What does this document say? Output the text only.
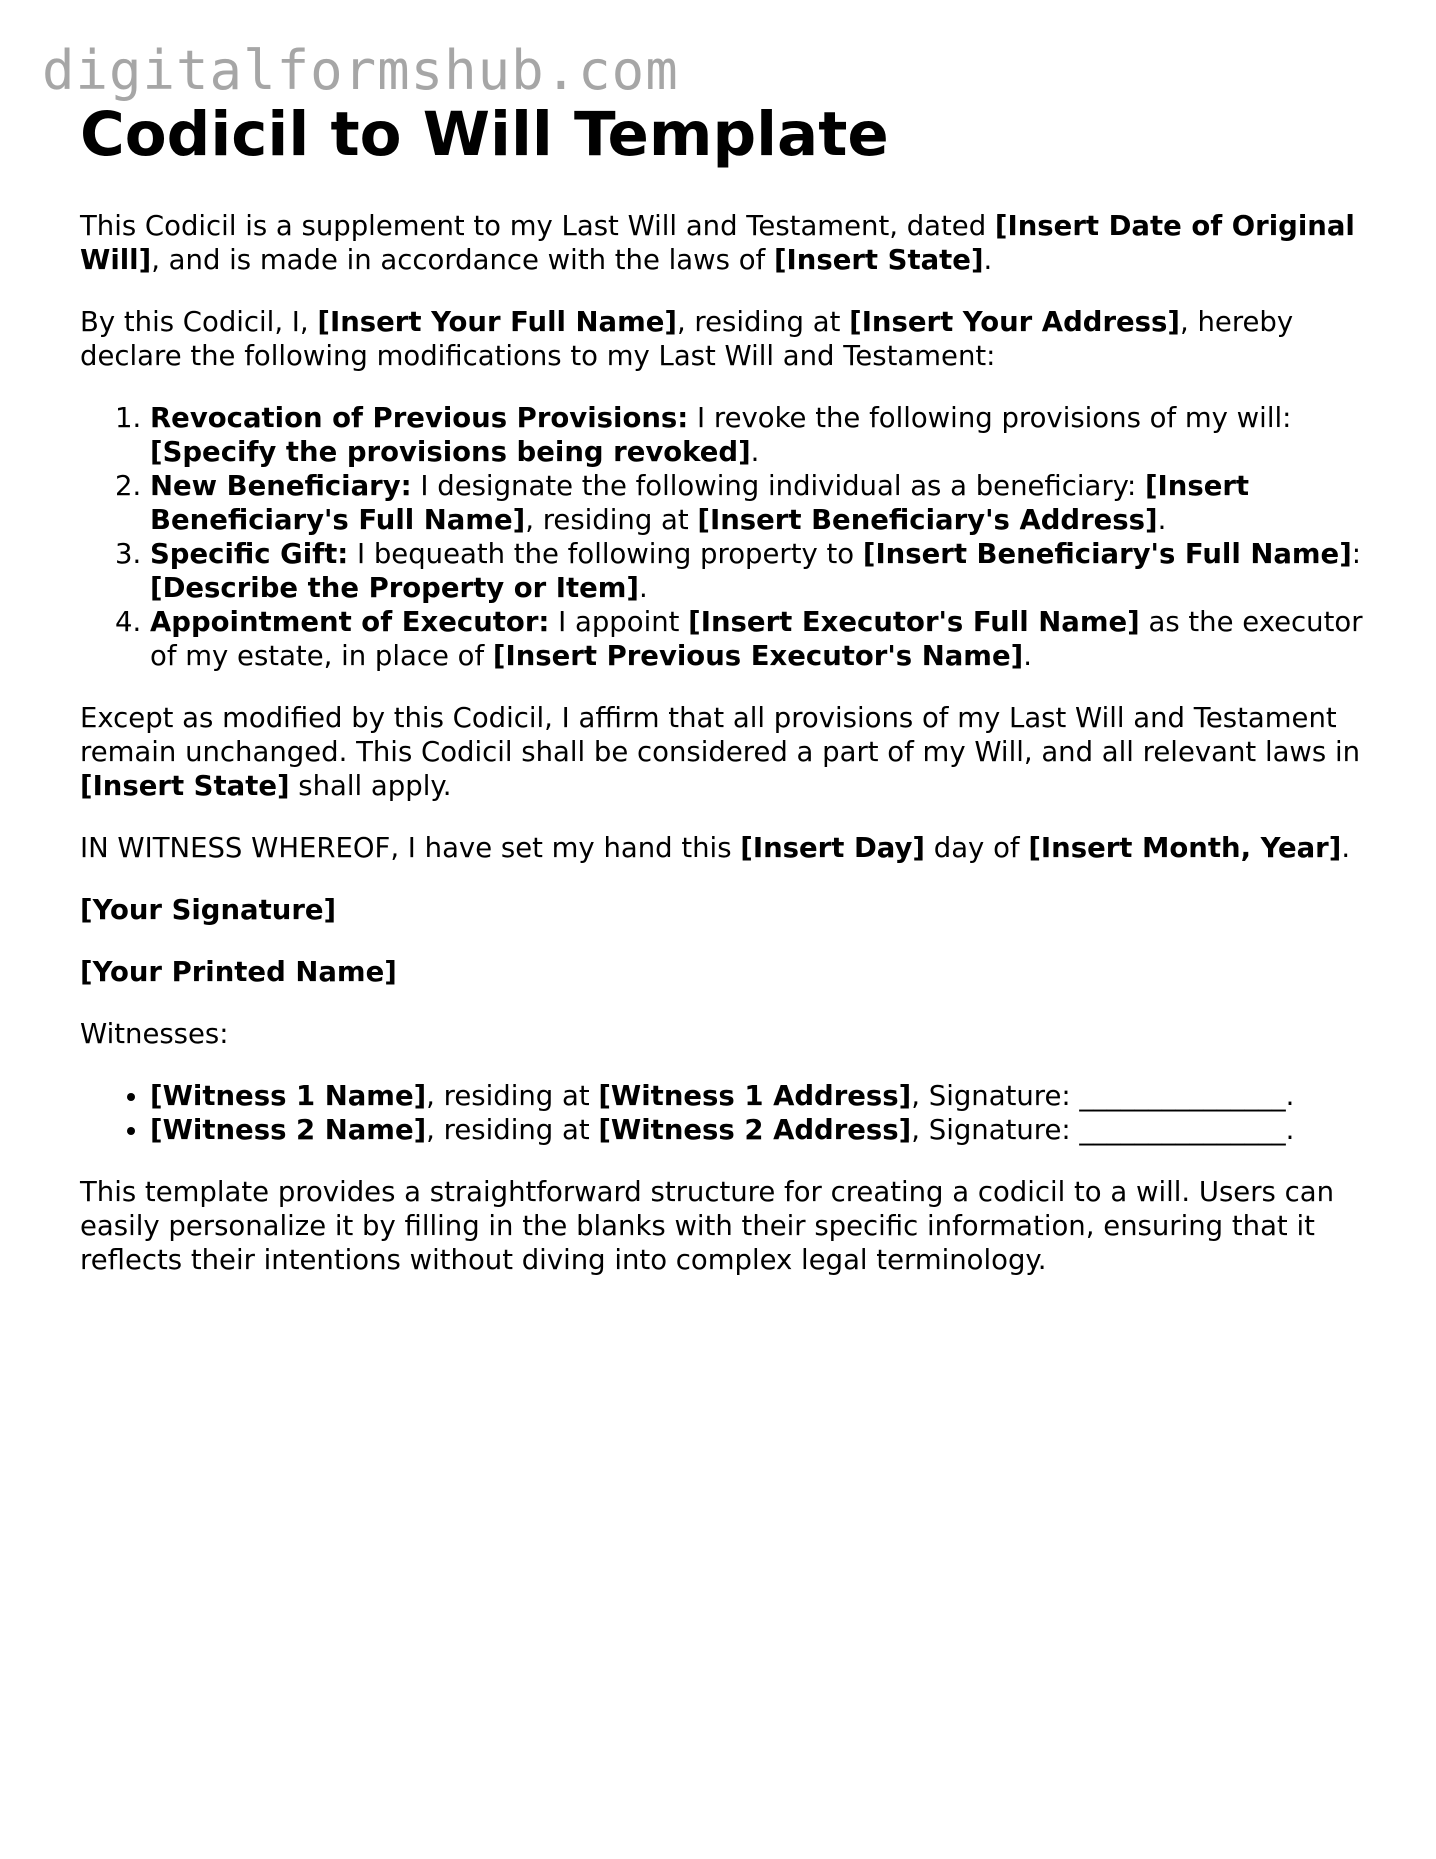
digitalformshub.com
Codicil to Will Template

This Codicil is a supplement to my Last Will and Testament, dated [Insert Date of Original Will], and is made in accordance with the laws of [Insert State].

By this Codicil, I, [Insert Your Full Name], residing at [Insert Your Address], hereby declare the following modifications to my Last Will and Testament:

1. Revocation of Previous Provisions: I revoke the following provisions of my will: [Specify the provisions being revoked].
2. New Beneficiary: I designate the following individual as a beneficiary: [Insert Beneficiary's Full Name], residing at [Insert Beneficiary's Address].
3. Specific Gift: I bequeath the following property to [Insert Beneficiary's Full Name]: [Describe the Property or Item].
4. Appointment of Executor: I appoint [Insert Executor's Full Name] as the executor of my estate, in place of [Insert Previous Executor's Name].

Except as modified by this Codicil, I affirm that all provisions of my Last Will and Testament remain unchanged. This Codicil shall be considered a part of my Will, and all relevant laws in [Insert State] shall apply.

IN WITNESS WHEREOF, I have set my hand this [Insert Day] day of [Insert Month, Year].

[Your Signature]

[Your Printed Name]

Witnesses:

• [Witness 1 Name], residing at [Witness 1 Address], Signature: _______________.
• [Witness 2 Name], residing at [Witness 2 Address], Signature: _______________.

This template provides a straightforward structure for creating a codicil to a will. Users can easily personalize it by filling in the blanks with their specific information, ensuring that it reflects their intentions without diving into complex legal terminology.
